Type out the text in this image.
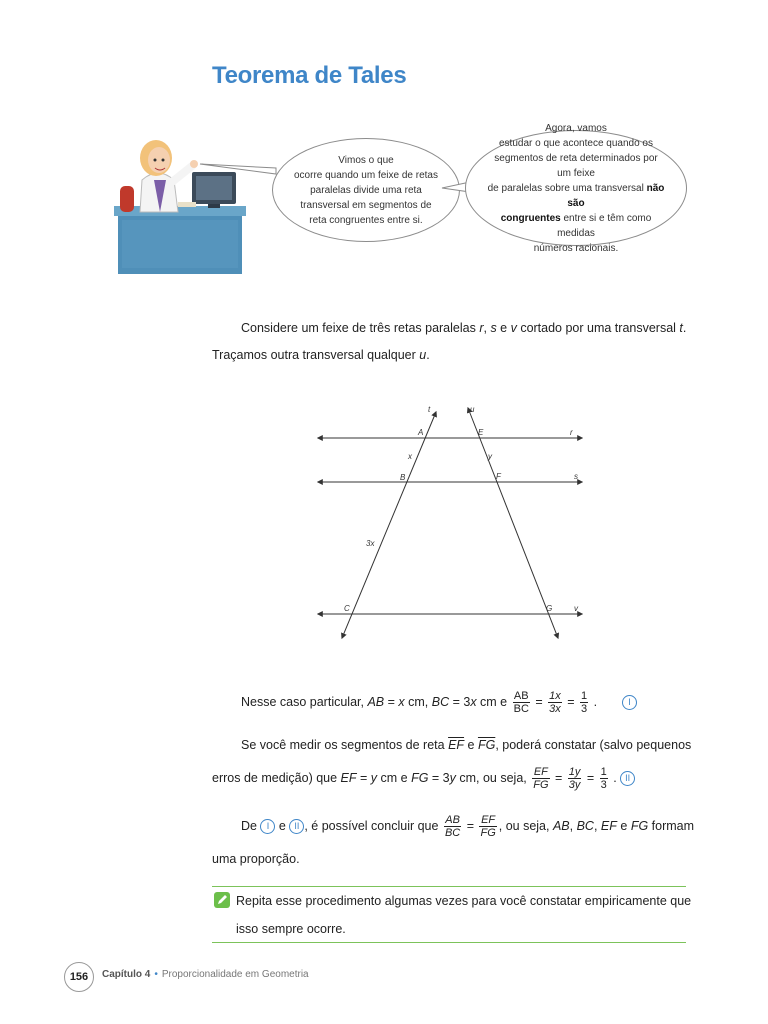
Teorema de Tales
Vimos o que
ocorre quando um feixe de retas
paralelas divide uma reta
transversal em segmentos de
reta congruentes entre si.
Agora, vamos
estudar o que acontece quando os
segmentos de reta determinados por um feixe
de paralelas sobre uma transversal não são
congruentes entre si e têm como medidas
números racionais.
Considere um feixe de três retas paralelas r, s e v cortado por uma transversal t.
Traçamos outra transversal qualquer u.
t	u
r
s
v
A	E
B	F
C	G
x	y
3x
Nesse caso particular, AB = x cm, BC = 3x cm e $\frac{AB}{BC} = \frac{1x}{3x} = \frac{1}{3}$ .	I
Se você medir os segmentos de reta $\overline{EF}$ e $\overline{FG}$, poderá constatar (salvo pequenos
erros de medição) que EF = y cm e FG = 3y cm, ou seja, $\frac{EF}{FG} = \frac{1y}{3y} = \frac{1}{3}$ . II
De I e II , é possível concluir que $\frac{AB}{BC} = \frac{EF}{FG}$ , ou seja, AB, BC, EF e FG formam
uma proporção.
Repita esse procedimento algumas vezes para você constatar empiricamente que
isso sempre ocorre.
156	Capítulo 4 • Proporcionalidade em Geometria
